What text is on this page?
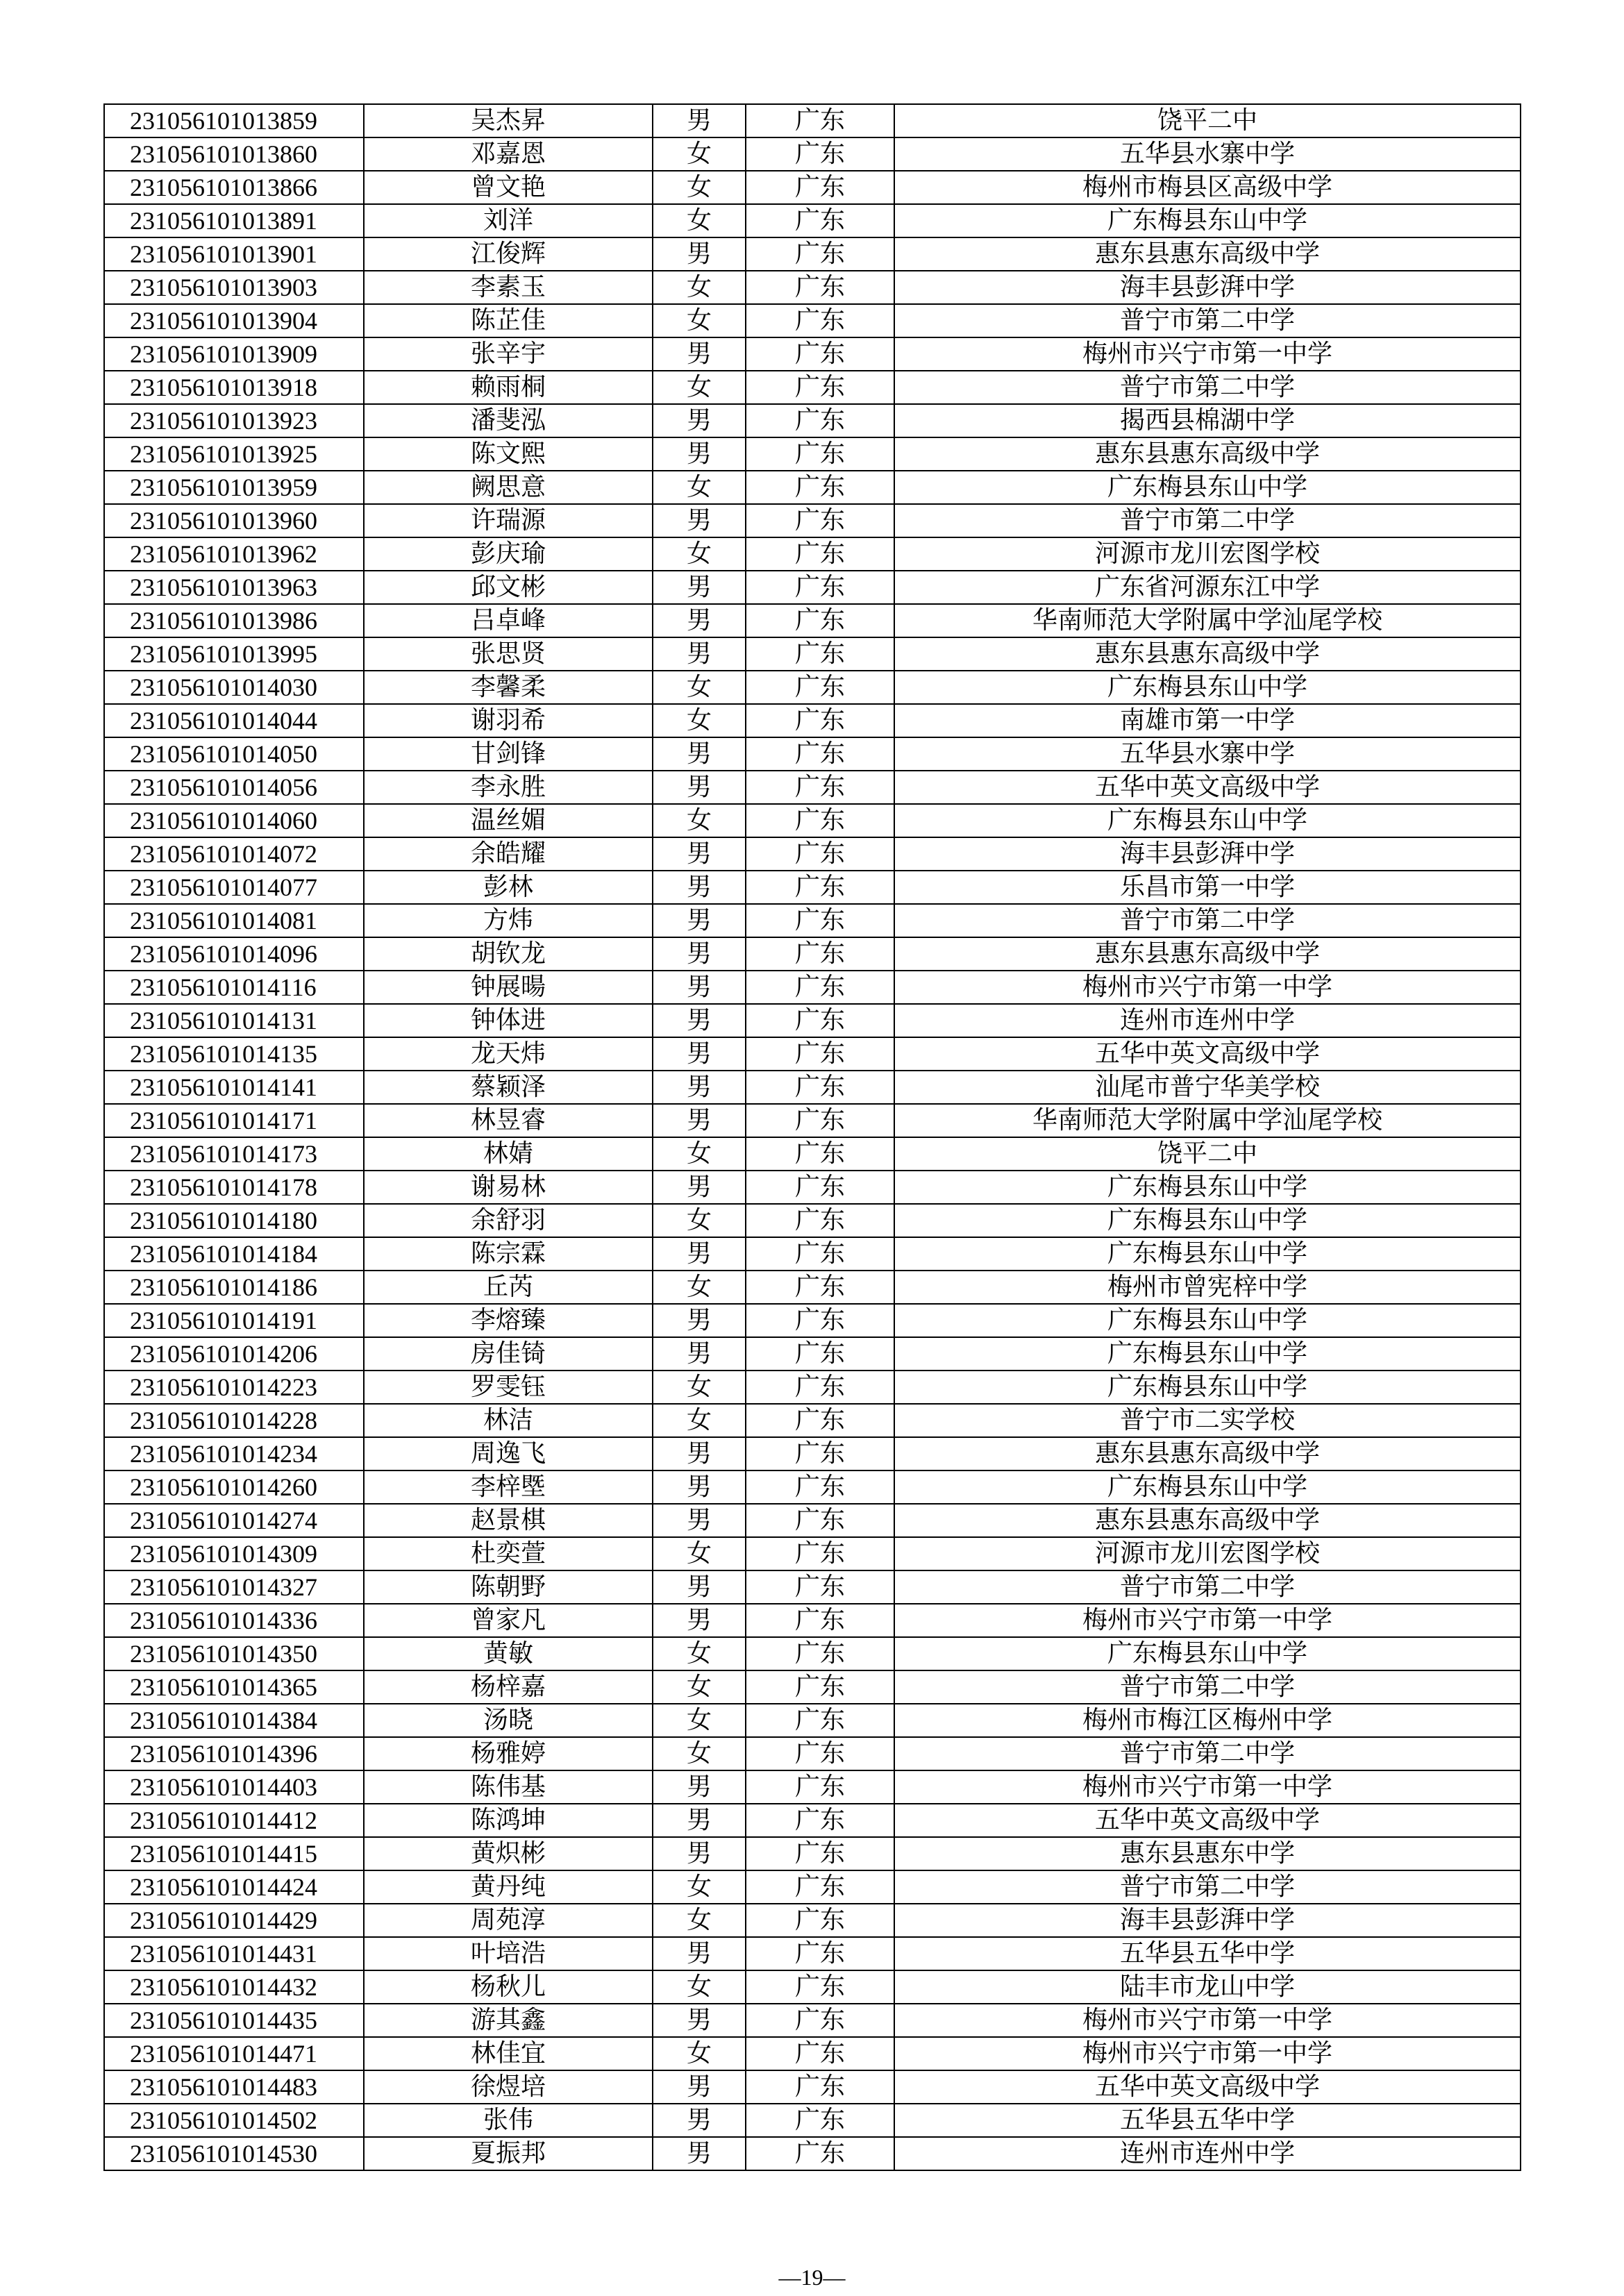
231056101013859	吴杰昇	男	广东	饶平二中
231056101013860	邓嘉恩	女	广东	五华县水寨中学
231056101013866	曾文艳	女	广东	梅州市梅县区高级中学
231056101013891	刘洋	女	广东	广东梅县东山中学
231056101013901	江俊辉	男	广东	惠东县惠东高级中学
231056101013903	李素玉	女	广东	海丰县彭湃中学
231056101013904	陈芷佳	女	广东	普宁市第二中学
231056101013909	张辛宇	男	广东	梅州市兴宁市第一中学
231056101013918	赖雨桐	女	广东	普宁市第二中学
231056101013923	潘斐泓	男	广东	揭西县棉湖中学
231056101013925	陈文熙	男	广东	惠东县惠东高级中学
231056101013959	阙思意	女	广东	广东梅县东山中学
231056101013960	许瑞源	男	广东	普宁市第二中学
231056101013962	彭庆瑜	女	广东	河源市龙川宏图学校
231056101013963	邱文彬	男	广东	广东省河源东江中学
231056101013986	吕卓峰	男	广东	华南师范大学附属中学汕尾学校
231056101013995	张思贤	男	广东	惠东县惠东高级中学
231056101014030	李馨柔	女	广东	广东梅县东山中学
231056101014044	谢羽希	女	广东	南雄市第一中学
231056101014050	甘剑锋	男	广东	五华县水寨中学
231056101014056	李永胜	男	广东	五华中英文高级中学
231056101014060	温丝媚	女	广东	广东梅县东山中学
231056101014072	余皓耀	男	广东	海丰县彭湃中学
231056101014077	彭林	男	广东	乐昌市第一中学
231056101014081	方炜	男	广东	普宁市第二中学
231056101014096	胡钦龙	男	广东	惠东县惠东高级中学
231056101014116	钟展暘	男	广东	梅州市兴宁市第一中学
231056101014131	钟体进	男	广东	连州市连州中学
231056101014135	龙天炜	男	广东	五华中英文高级中学
231056101014141	蔡颖泽	男	广东	汕尾市普宁华美学校
231056101014171	林昱睿	男	广东	华南师范大学附属中学汕尾学校
231056101014173	林婧	女	广东	饶平二中
231056101014178	谢易林	男	广东	广东梅县东山中学
231056101014180	余舒羽	女	广东	广东梅县东山中学
231056101014184	陈宗霖	男	广东	广东梅县东山中学
231056101014186	丘芮	女	广东	梅州市曾宪梓中学
231056101014191	李熔臻	男	广东	广东梅县东山中学
231056101014206	房佳锜	男	广东	广东梅县东山中学
231056101014223	罗雯钰	女	广东	广东梅县东山中学
231056101014228	林洁	女	广东	普宁市二实学校
231056101014234	周逸飞	男	广东	惠东县惠东高级中学
231056101014260	李梓塈	男	广东	广东梅县东山中学
231056101014274	赵景棋	男	广东	惠东县惠东高级中学
231056101014309	杜奕萱	女	广东	河源市龙川宏图学校
231056101014327	陈朝野	男	广东	普宁市第二中学
231056101014336	曾家凡	男	广东	梅州市兴宁市第一中学
231056101014350	黄敏	女	广东	广东梅县东山中学
231056101014365	杨梓嘉	女	广东	普宁市第二中学
231056101014384	汤晓	女	广东	梅州市梅江区梅州中学
231056101014396	杨雅婷	女	广东	普宁市第二中学
231056101014403	陈伟基	男	广东	梅州市兴宁市第一中学
231056101014412	陈鸿坤	男	广东	五华中英文高级中学
231056101014415	黄炽彬	男	广东	惠东县惠东中学
231056101014424	黄丹纯	女	广东	普宁市第二中学
231056101014429	周苑淳	女	广东	海丰县彭湃中学
231056101014431	叶培浩	男	广东	五华县五华中学
231056101014432	杨秋儿	女	广东	陆丰市龙山中学
231056101014435	游其鑫	男	广东	梅州市兴宁市第一中学
231056101014471	林佳宜	女	广东	梅州市兴宁市第一中学
231056101014483	徐煜培	男	广东	五华中英文高级中学
231056101014502	张伟	男	广东	五华县五华中学
231056101014530	夏振邦	男	广东	连州市连州中学
—19—
